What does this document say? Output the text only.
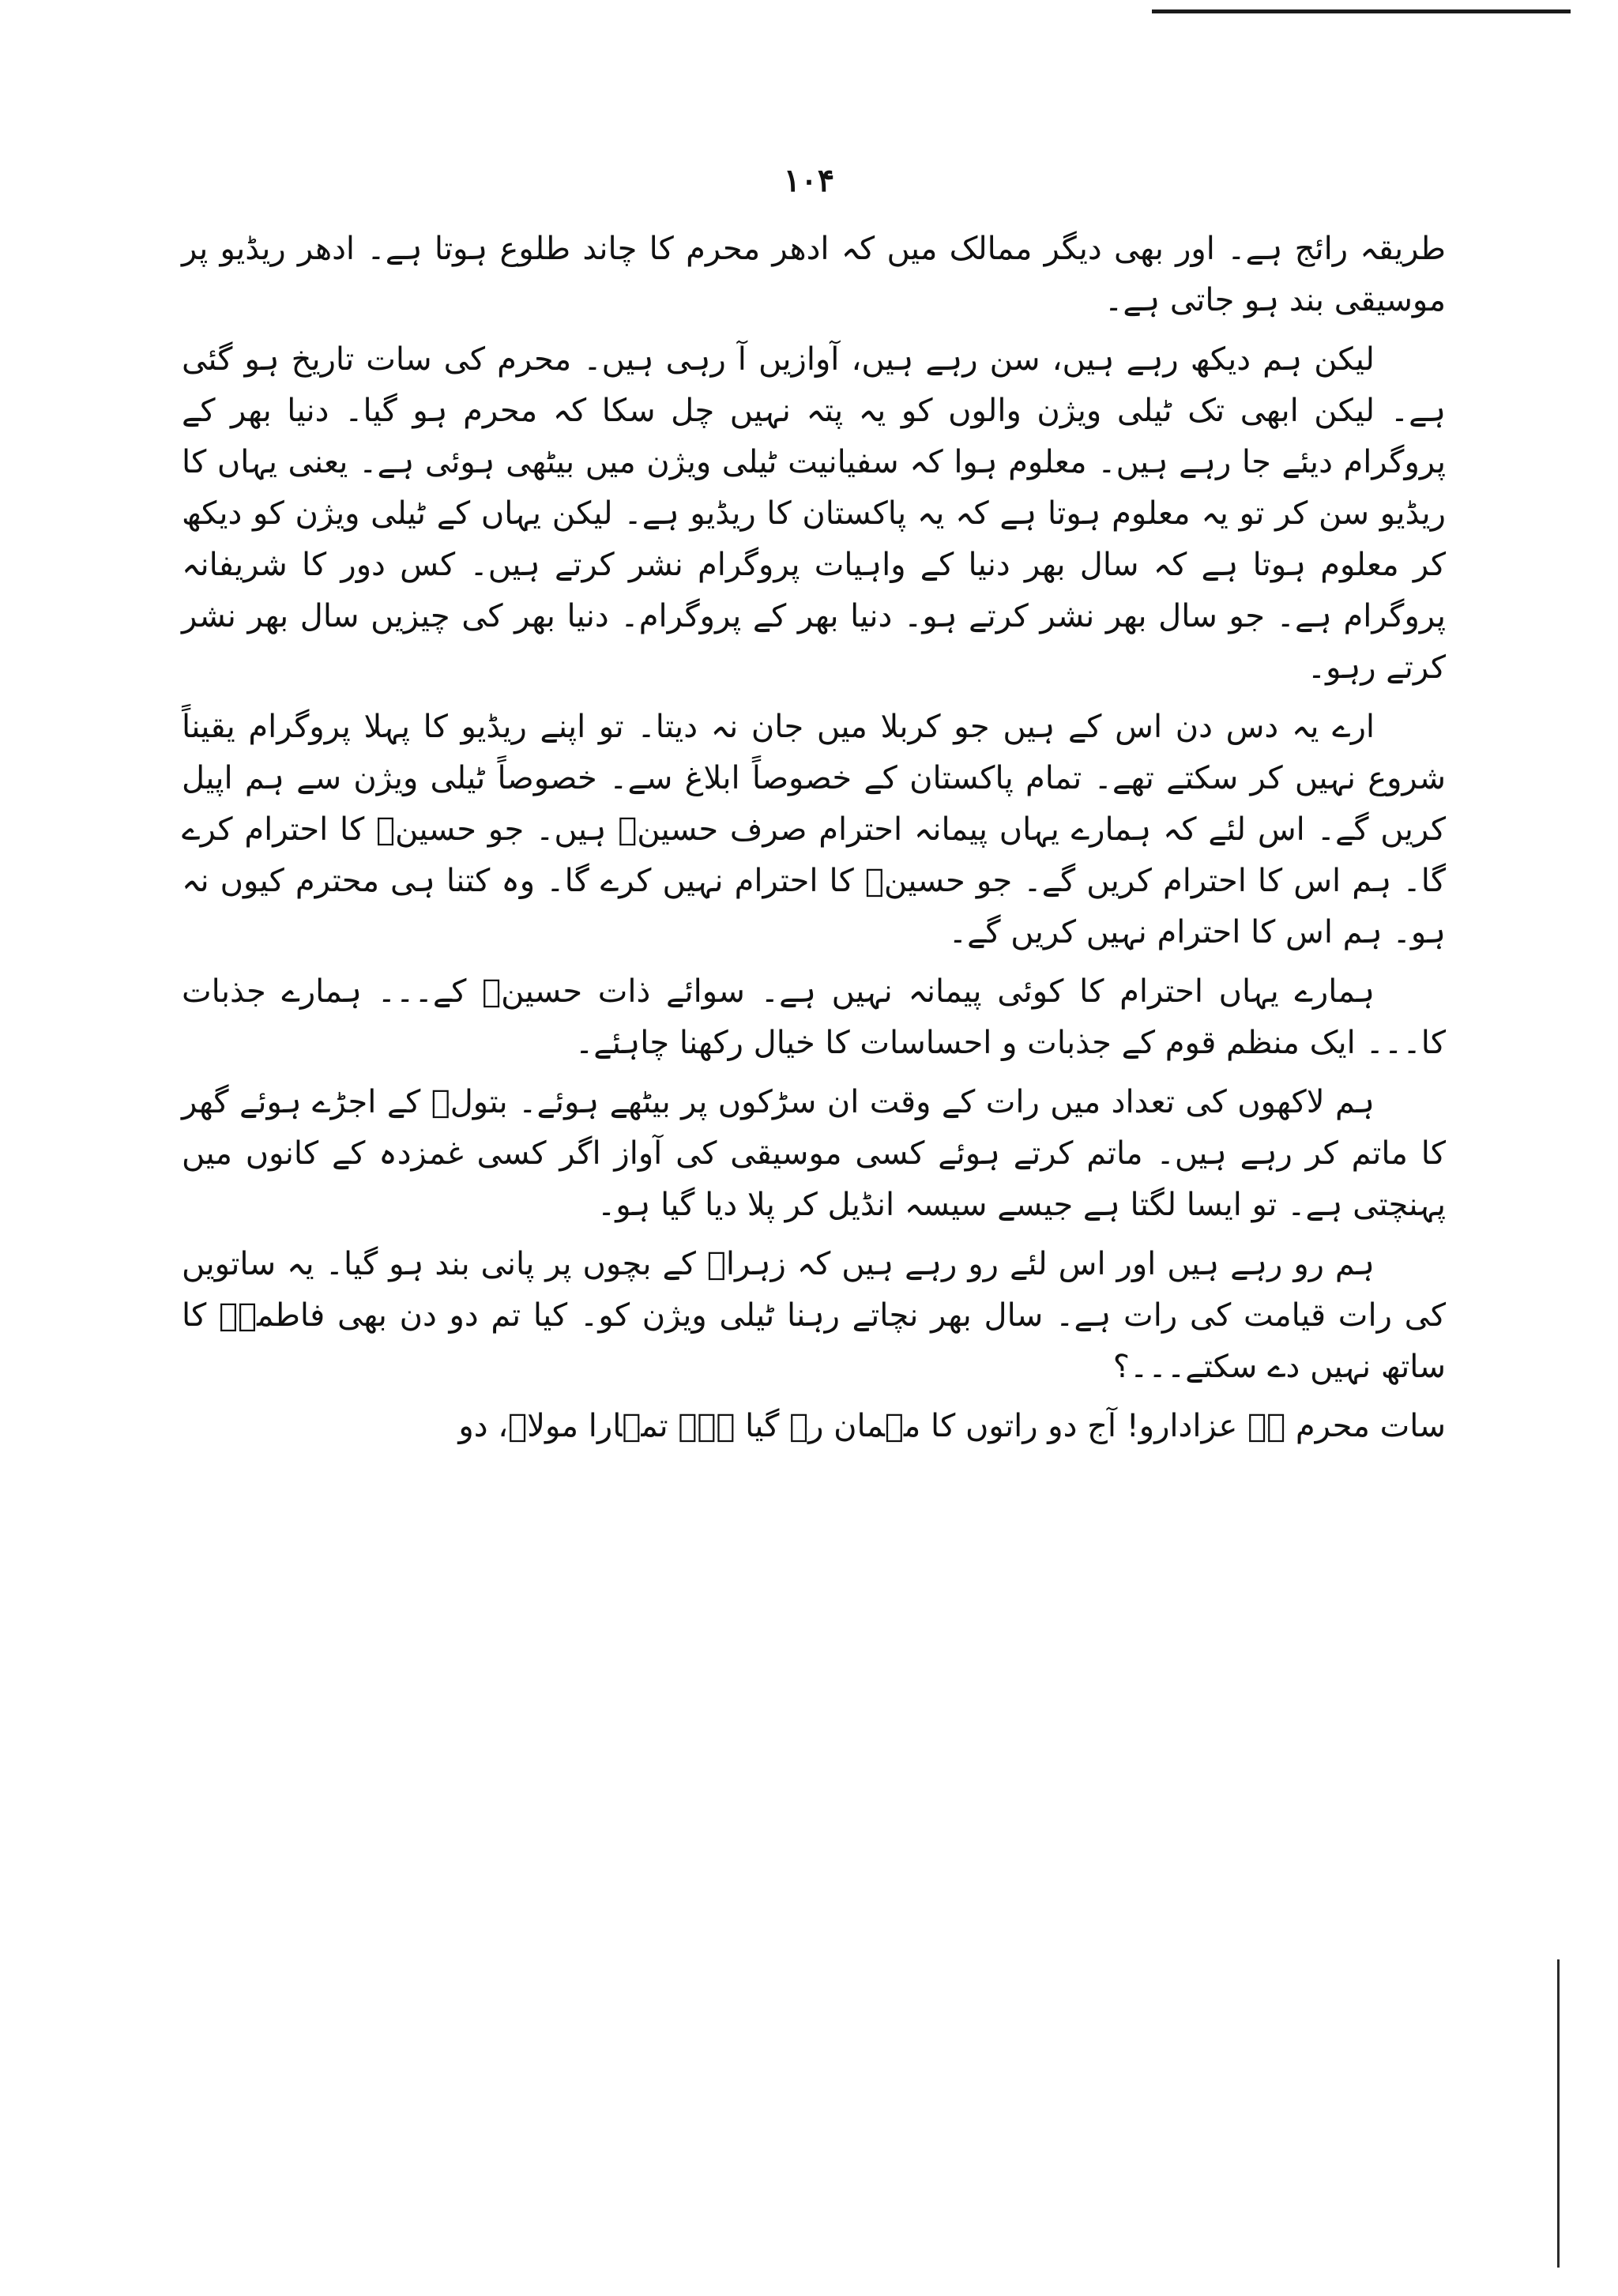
۱۰۴

طریقہ رائج ہے۔ اور بھی دیگر ممالک میں کہ ادھر محرم کا چاند طلوع ہوتا ہے۔ ادھر ریڈیو پر موسیقی بند ہو جاتی ہے۔

لیکن ہم دیکھ رہے ہیں، سن رہے ہیں، آوازیں آ رہی ہیں۔ محرم کی سات تاریخ ہو گئی ہے۔ لیکن ابھی تک ٹیلی ویژن والوں کو یہ پتہ نہیں چل سکا کہ محرم ہو گیا۔ دنیا بھر کے پروگرام دیئے جا رہے ہیں۔ معلوم ہوا کہ سفیانیت ٹیلی ویژن میں بیٹھی ہوئی ہے۔ یعنی یہاں کا ریڈیو سن کر تو یہ معلوم ہوتا ہے کہ یہ پاکستان کا ریڈیو ہے۔ لیکن یہاں کے ٹیلی ویژن کو دیکھ کر معلوم ہوتا ہے کہ سال بھر دنیا کے واہیات پروگرام نشر کرتے ہیں۔ کس دور کا شریفانہ پروگرام ہے۔ جو سال بھر نشر کرتے ہو۔ دنیا بھر کے پروگرام۔ دنیا بھر کی چیزیں سال بھر نشر کرتے رہو۔

ارے یہ دس دن اس کے ہیں جو کربلا میں جان نہ دیتا۔ تو اپنے ریڈیو کا پہلا پروگرام یقیناً شروع نہیں کر سکتے تھے۔ تمام پاکستان کے خصوصاً ابلاغ سے۔ خصوصاً ٹیلی ویژن سے ہم اپیل کریں گے۔ اس لئے کہ ہمارے یہاں پیمانہ احترام صرف حسینؑ ہیں۔ جو حسینؑ کا احترام کرے گا۔ ہم اس کا احترام کریں گے۔ جو حسینؑ کا احترام نہیں کرے گا۔ وہ کتنا ہی محترم کیوں نہ ہو۔ ہم اس کا احترام نہیں کریں گے۔

ہمارے یہاں احترام کا کوئی پیمانہ نہیں ہے۔ سوائے ذات حسینؑ کے۔۔۔ ہمارے جذبات کا۔۔۔ ایک منظم قوم کے جذبات و احساسات کا خیال رکھنا چاہئے۔

ہم لاکھوں کی تعداد میں رات کے وقت ان سڑکوں پر بیٹھے ہوئے۔ بتولؑ کے اجڑے ہوئے گھر کا ماتم کر رہے ہیں۔ ماتم کرتے ہوئے کسی موسیقی کی آواز اگر کسی غمزدہ کے کانوں میں پہنچتی ہے۔ تو ایسا لگتا ہے جیسے سیسہ انڈیل کر پلا دیا گیا ہو۔

ہم رو رہے ہیں اور اس لئے رو رہے ہیں کہ زہراؑ کے بچوں پر پانی بند ہو گیا۔ یہ ساتویں کی رات قیامت کی رات ہے۔ سال بھر نچاتے رہنا ٹیلی ویژن کو۔ کیا تم دو دن بھی فاطمہؑ کا ساتھ نہیں دے سکتے۔۔۔؟

سات محرم ہے عزادارو! آج دو راتوں کا مہمان رہ گیا ہے۔ تمہارا مولاؑ، دو
